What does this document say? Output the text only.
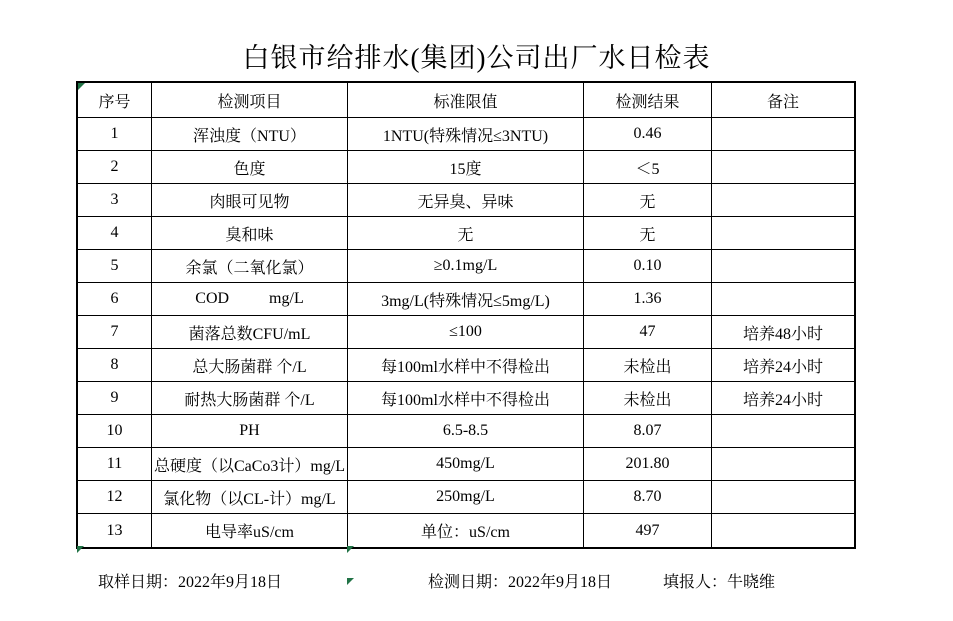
白银市给排水(集团)公司出厂水日检表
序号	检测项目	标准限值	检测结果	备注
1	浑浊度（NTU）	1NTU(特殊情况≤3NTU)	0.46
2	色度	15度	＜5
3	肉眼可见物	无异臭、异味	无
4	臭和味	无	无
5	余氯（二氧化氯）	≥0.1mg/L	0.10
6	COD          mg/L	3mg/L(特殊情况≤5mg/L)	1.36
7	菌落总数CFU/mL	≤100	47	培养48小时
8	总大肠菌群 个/L	每100ml水样中不得检出	未检出	培养24小时
9	耐热大肠菌群 个/L	每100ml水样中不得检出	未检出	培养24小时
10	PH	6.5-8.5	8.07
11	总硬度（以CaCo3计）mg/L	450mg/L	201.80
12	氯化物（以CL-计）mg/L	250mg/L	8.70
13	电导率uS/cm	单位：uS/cm	497

取样日期：2022年9月18日	检测日期：2022年9月18日	填报人：牛晓维
